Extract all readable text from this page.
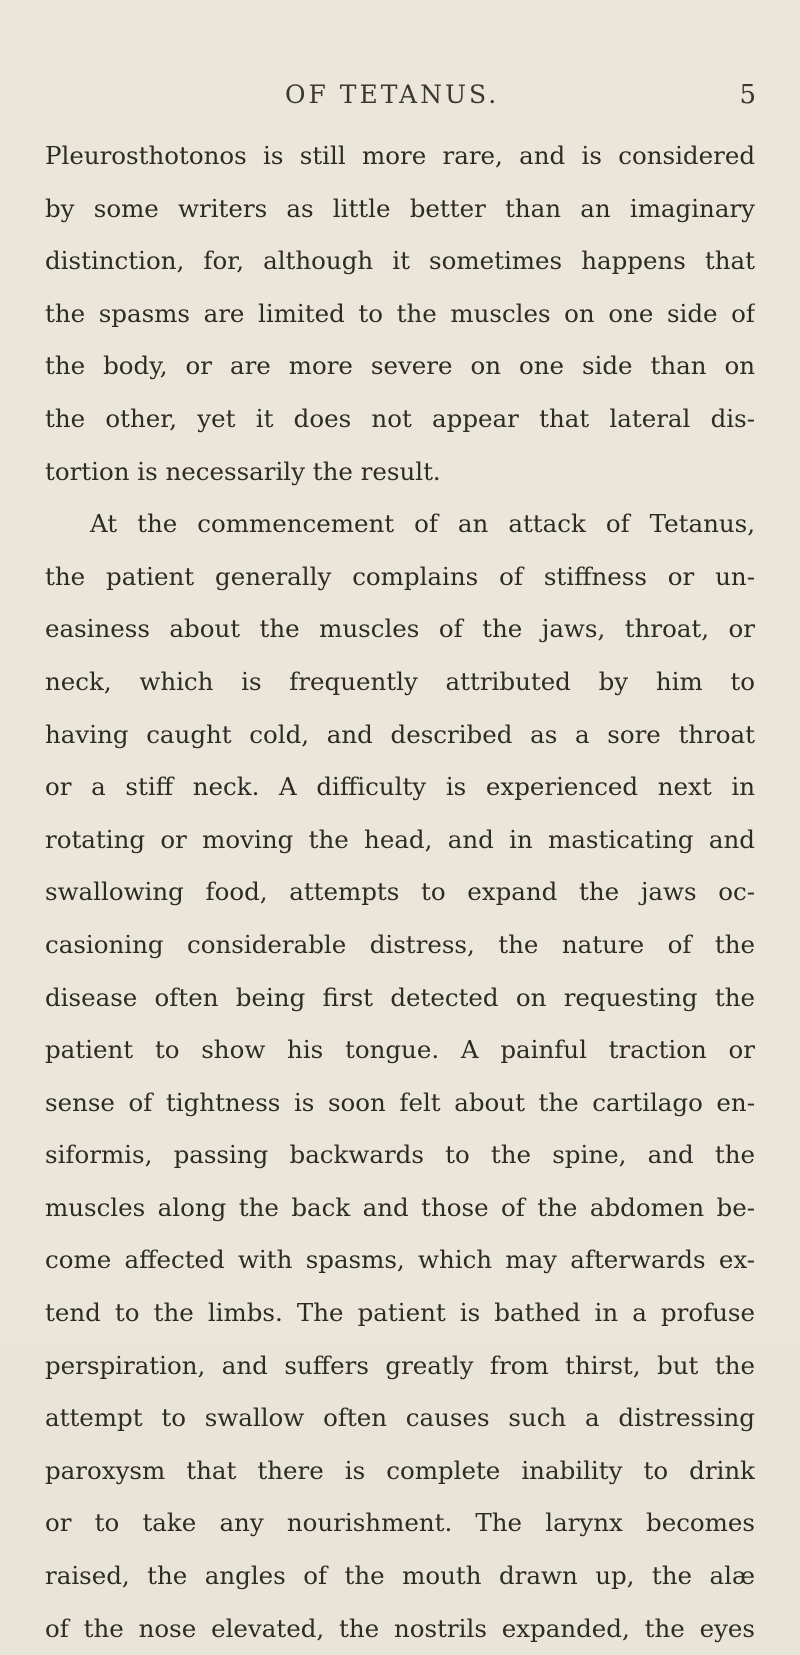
OF TETANUS.	5
Pleurosthotonos is still more rare, and is considered
by some writers as little better than an imaginary
distinction, for, although it sometimes happens that
the spasms are limited to the muscles on one side of
the body, or are more severe on one side than on
the other, yet it does not appear that lateral dis-
tortion is necessarily the result.
At the commencement of an attack of Tetanus,
the patient generally complains of stiffness or un-
easiness about the muscles of the jaws, throat, or
neck, which is frequently attributed by him to
having caught cold, and described as a sore throat
or a stiff neck. A difficulty is experienced next in
rotating or moving the head, and in masticating and
swallowing food, attempts to expand the jaws oc-
casioning considerable distress, the nature of the
disease often being first detected on requesting the
patient to show his tongue. A painful traction or
sense of tightness is soon felt about the cartilago en-
siformis, passing backwards to the spine, and the
muscles along the back and those of the abdomen be-
come affected with spasms, which may afterwards ex-
tend to the limbs. The patient is bathed in a profuse
perspiration, and suffers greatly from thirst, but the
attempt to swallow often causes such a distressing
paroxysm that there is complete inability to drink
or to take any nourishment. The larynx becomes
raised, the angles of the mouth drawn up, the alæ
of the nose elevated, the nostrils expanded, the eyes
